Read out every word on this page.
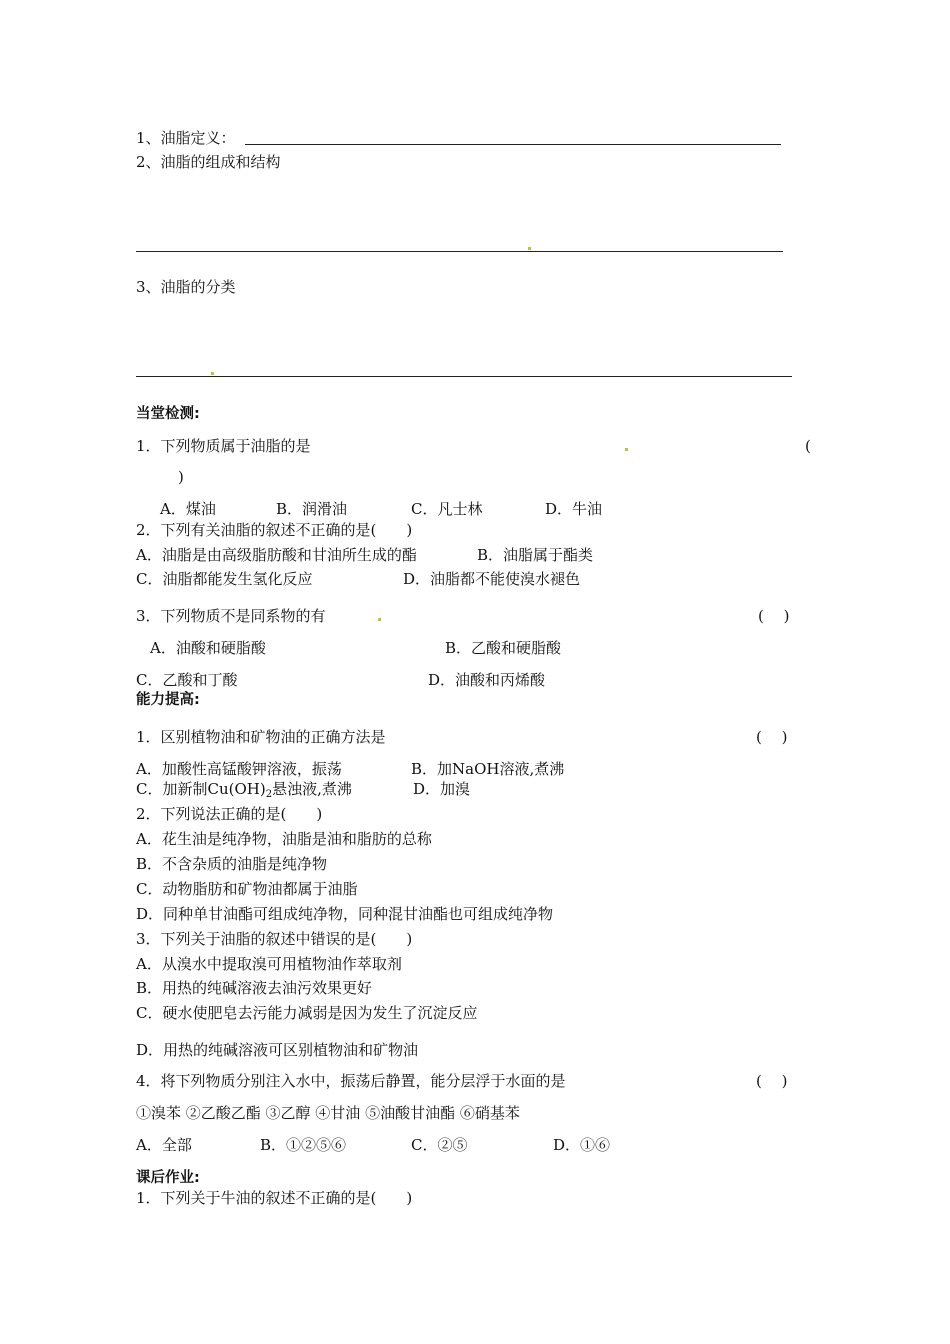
1、油脂定义：
2、油脂的组成和结构
3、油脂的分类
当堂检测:
1．下列物质属于油脂的是	(
)
A．煤油	B．润滑油	C．凡士林	D．牛油
2．下列有关油脂的叙述不正确的是(　　)
A．油脂是由高级脂肪酸和甘油所生成的酯	B．油脂属于酯类
C．油脂都能发生氢化反应	D．油脂都不能使溴水褪色
3．下列物质不是同系物的有	(　 )
A．油酸和硬脂酸	B．乙酸和硬脂酸
C．乙酸和丁酸	D．油酸和丙烯酸
能力提高:
1．区别植物油和矿物油的正确方法是	(　 )
A．加酸性高锰酸钾溶液，振荡	B．加NaOH溶液,煮沸
C．加新制$Cu(OH)_2$悬浊液,煮沸	D．加溴
2．下列说法正确的是(　　)
A．花生油是纯净物，油脂是油和脂肪的总称
B．不含杂质的油脂是纯净物
C．动物脂肪和矿物油都属于油脂
D．同种单甘油酯可组成纯净物，同种混甘油酯也可组成纯净物
3．下列关于油脂的叙述中错误的是(　　)
A．从溴水中提取溴可用植物油作萃取剂
B．用热的纯碱溶液去油污效果更好
C．硬水使肥皂去污能力减弱是因为发生了沉淀反应
D．用热的纯碱溶液可区别植物油和矿物油
4．将下列物质分别注入水中，振荡后静置，能分层浮于水面的是	(　 )
①溴苯 ②乙酸乙酯 ③乙醇 ④甘油 ⑤油酸甘油酯 ⑥硝基苯
A．全部	B．①②⑤⑥	C．②⑤	D．①⑥
课后作业:
1．下列关于牛油的叙述不正确的是(　　)
